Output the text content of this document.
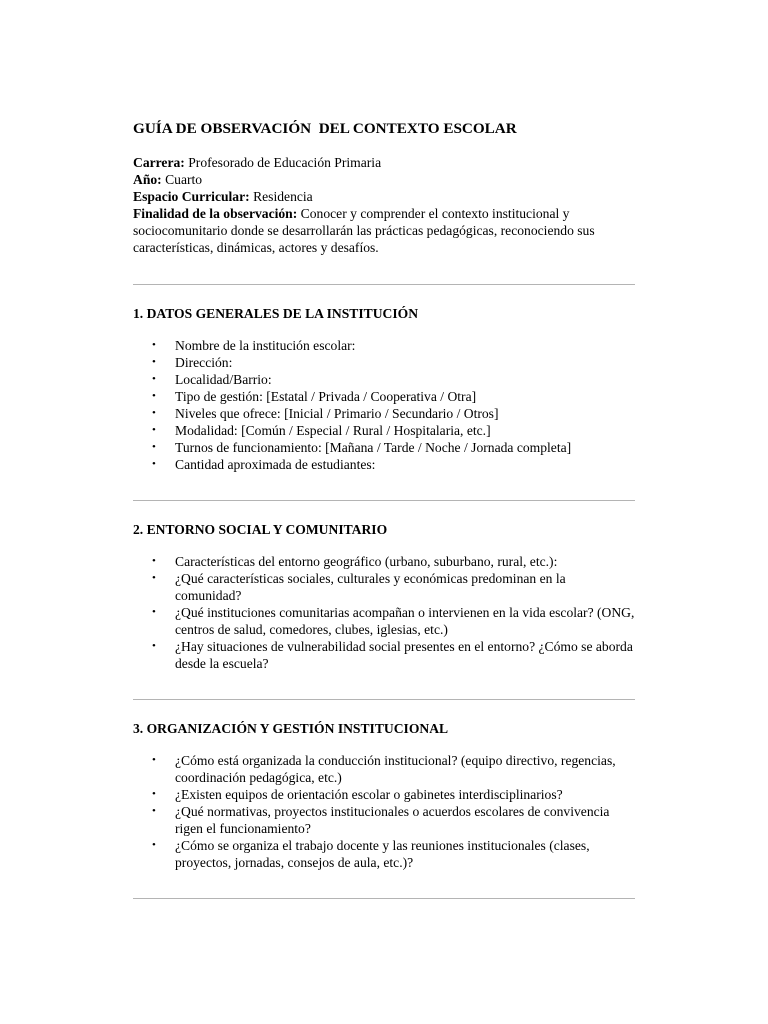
GUÍA DE OBSERVACIÓN  DEL CONTEXTO ESCOLAR

Carrera: Profesorado de Educación Primaria

Año: Cuarto

Espacio Curricular: Residencia

Finalidad de la observación: Conocer y comprender el contexto institucional y sociocomunitario donde se desarrollarán las prácticas pedagógicas, reconociendo sus características, dinámicas, actores y desafíos.

1. DATOS GENERALES DE LA INSTITUCIÓN
• Nombre de la institución escolar:
• Dirección:
• Localidad/Barrio:
• Tipo de gestión: [Estatal / Privada / Cooperativa / Otra]
• Niveles que ofrece: [Inicial / Primario / Secundario / Otros]
• Modalidad: [Común / Especial / Rural / Hospitalaria, etc.]
• Turnos de funcionamiento: [Mañana / Tarde / Noche / Jornada completa]
• Cantidad aproximada de estudiantes:
2. ENTORNO SOCIAL Y COMUNITARIO
• Características del entorno geográfico (urbano, suburbano, rural, etc.):
• ¿Qué características sociales, culturales y económicas predominan en la comunidad?
• ¿Qué instituciones comunitarias acompañan o intervienen en la vida escolar? (ONG, centros de salud, comedores, clubes, iglesias, etc.)
• ¿Hay situaciones de vulnerabilidad social presentes en el entorno? ¿Cómo se aborda desde la escuela?
3. ORGANIZACIÓN Y GESTIÓN INSTITUCIONAL
• ¿Cómo está organizada la conducción institucional? (equipo directivo, regencias, coordinación pedagógica, etc.)
• ¿Existen equipos de orientación escolar o gabinetes interdisciplinarios?
• ¿Qué normativas, proyectos institucionales o acuerdos escolares de convivencia rigen el funcionamiento?
• ¿Cómo se organiza el trabajo docente y las reuniones institucionales (clases, proyectos, jornadas, consejos de aula, etc.)?
